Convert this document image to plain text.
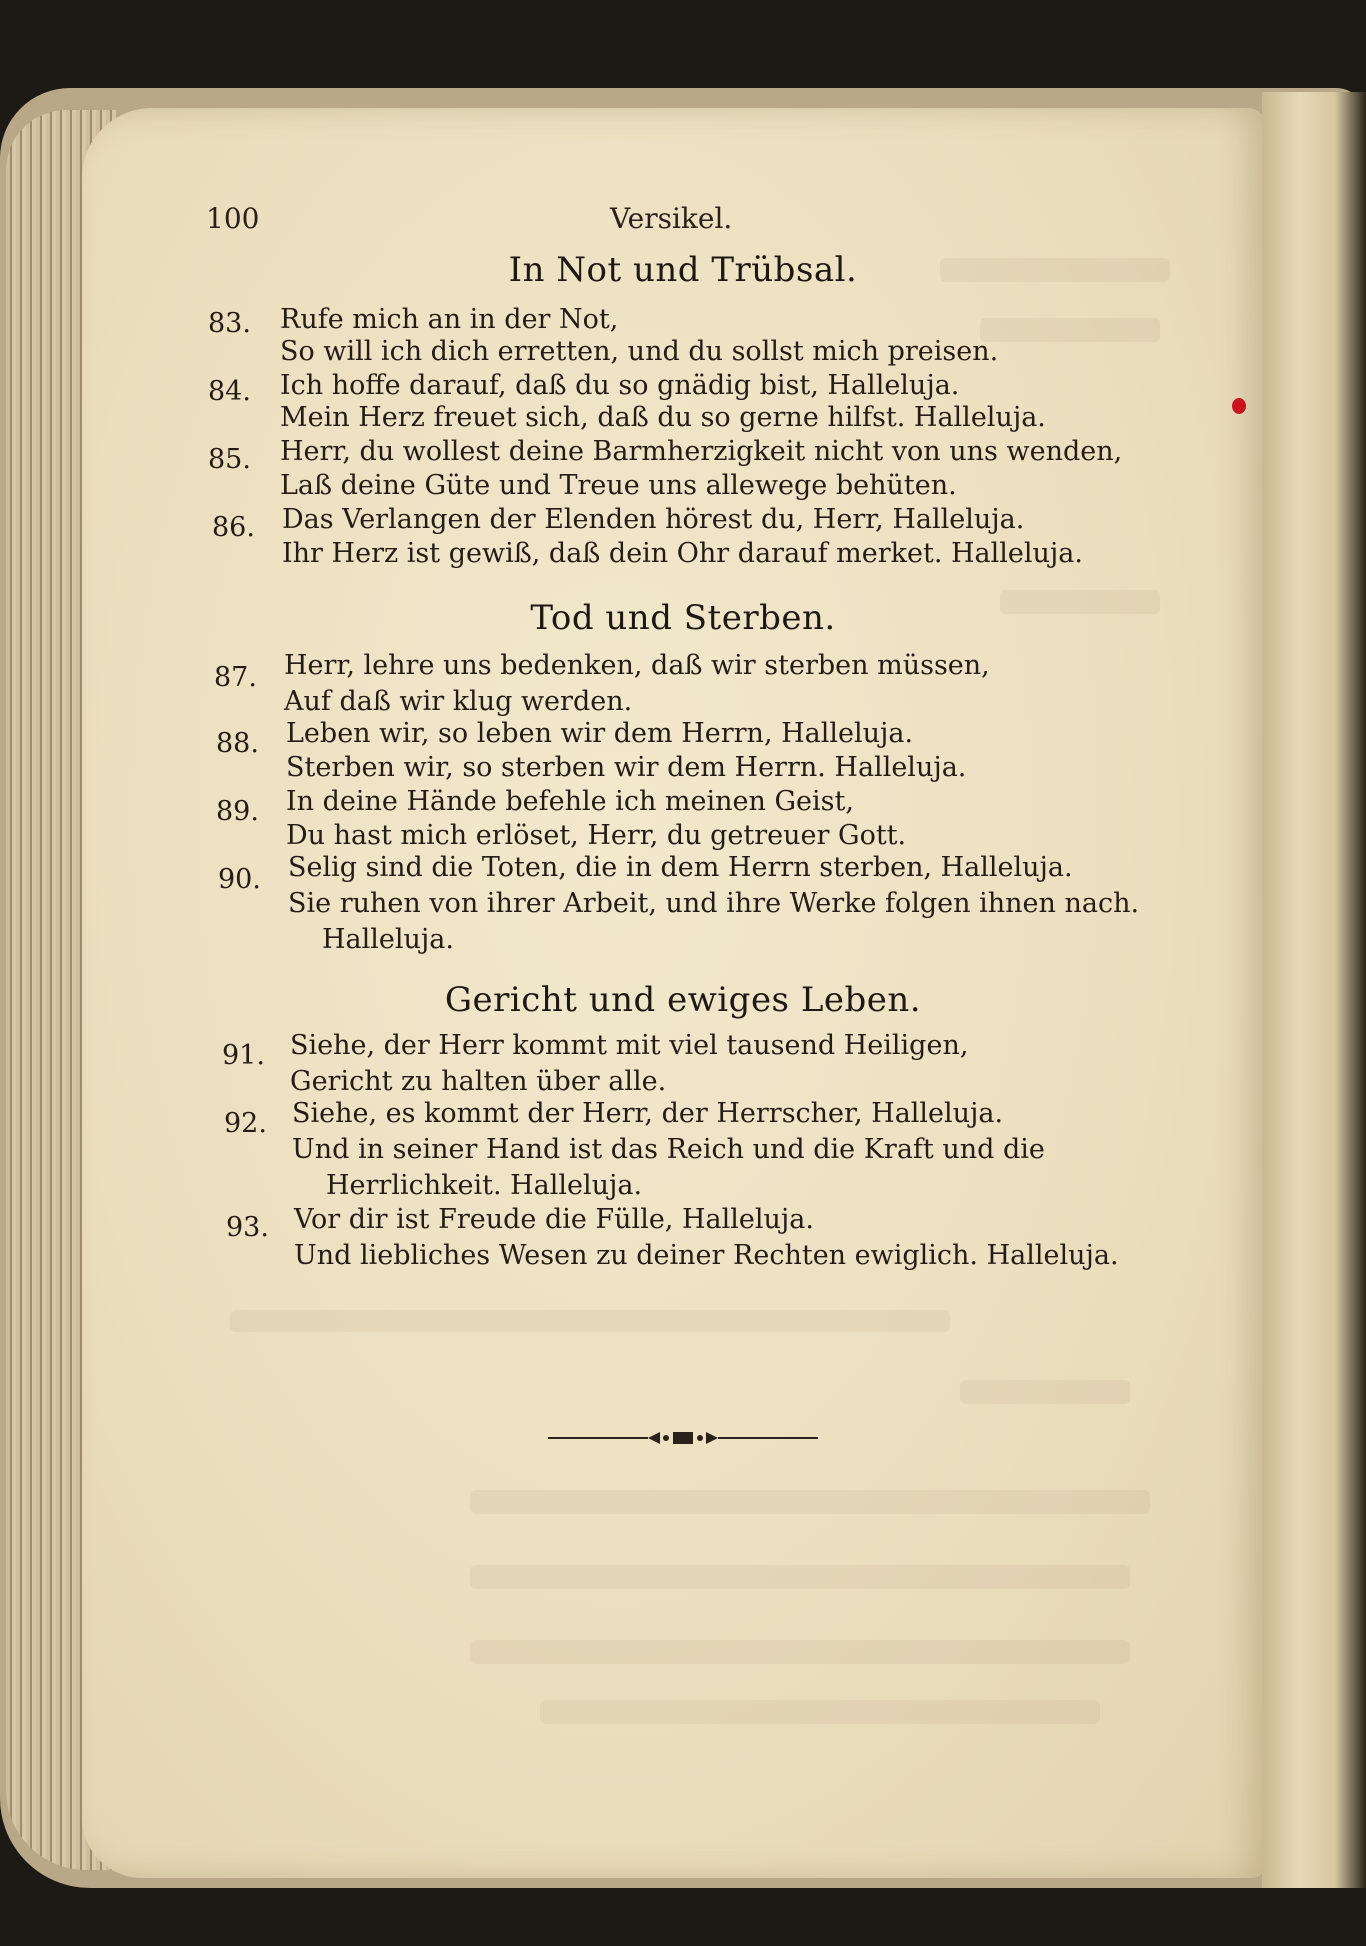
100	Versikel.
In Not und Trübsal.
83. Rufe mich an in der Not,
So will ich dich erretten, und du sollst mich preisen.
84. Ich hoffe darauf, daß du so gnädig bist, Halleluja.
Mein Herz freuet sich, daß du so gerne hilfst. Halleluja.
85. Herr, du wollest deine Barmherzigkeit nicht von uns wenden,
Laß deine Güte und Treue uns allewege behüten.
86. Das Verlangen der Elenden hörest du, Herr, Halleluja.
Ihr Herz ist gewiß, daß dein Ohr darauf merket. Halleluja.
Tod und Sterben.
87. Herr, lehre uns bedenken, daß wir sterben müssen,
Auf daß wir klug werden.
88. Leben wir, so leben wir dem Herrn, Halleluja.
Sterben wir, so sterben wir dem Herrn. Halleluja.
89. In deine Hände befehle ich meinen Geist,
Du hast mich erlöset, Herr, du getreuer Gott.
90. Selig sind die Toten, die in dem Herrn sterben, Halleluja.
Sie ruhen von ihrer Arbeit, und ihre Werke folgen ihnen nach.
Halleluja.
Gericht und ewiges Leben.
91. Siehe, der Herr kommt mit viel tausend Heiligen,
Gericht zu halten über alle.
92. Siehe, es kommt der Herr, der Herrscher, Halleluja.
Und in seiner Hand ist das Reich und die Kraft und die
Herrlichkeit. Halleluja.
93. Vor dir ist Freude die Fülle, Halleluja.
Und liebliches Wesen zu deiner Rechten ewiglich. Halleluja.
